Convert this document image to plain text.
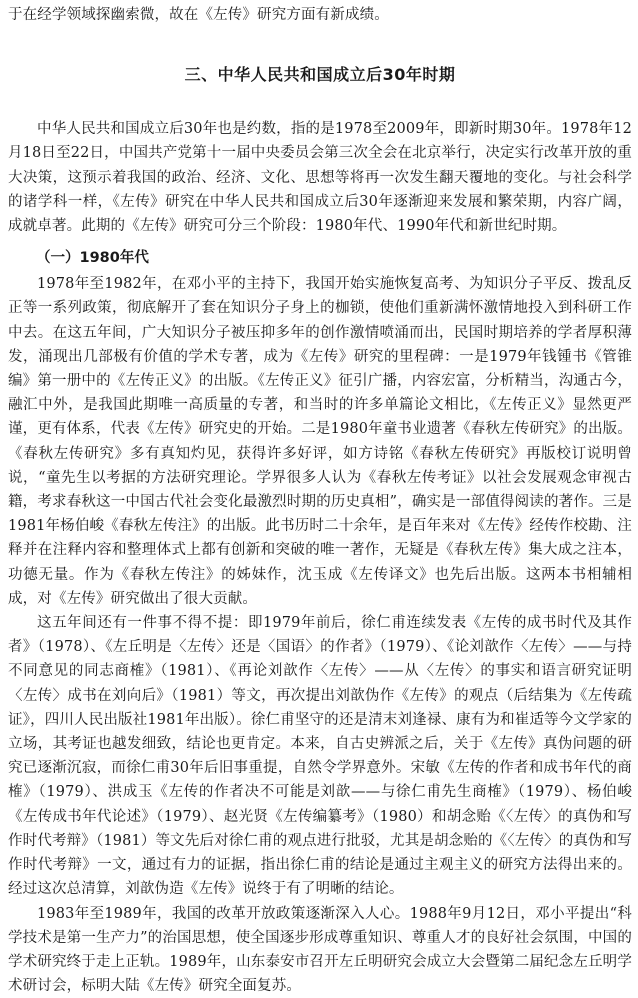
于在经学领域探幽索微，故在《左传》研究方面有新成绩。

三、中华人民共和国成立后30年时期

中华人民共和国成立后30年也是约数，指的是1978至2009年，即新时期30年。1978年12月18日至22日，中国共产党第十一届中央委员会第三次全会在北京举行，决定实行改革开放的重大决策，这预示着我国的政治、经济、文化、思想等将再一次发生翻天覆地的变化。与社会科学的诸学科一样，《左传》研究在中华人民共和国成立后30年逐渐迎来发展和繁荣期，内容广阔，成就卓著。此期的《左传》研究可分三个阶段：1980年代、1990年代和新世纪时期。

（一）1980年代

1978年至1982年，在邓小平的主持下，我国开始实施恢复高考、为知识分子平反、拨乱反正等一系列政策，彻底解开了套在知识分子身上的枷锁，使他们重新满怀激情地投入到科研工作中去。在这五年间，广大知识分子被压抑多年的创作激情喷涌而出，民国时期培养的学者厚积薄发，涌现出几部极有价值的学术专著，成为《左传》研究的里程碑：一是1979年钱锺书《管锥编》第一册中的《左传正义》的出版。《左传正义》征引广播，内容宏富，分析精当，沟通古今，融汇中外，是我国此期唯一高质量的专著，和当时的许多单篇论文相比，《左传正义》显然更严谨，更有体系，代表《左传》研究史的开始。二是1980年童书业遗著《春秋左传研究》的出版。《春秋左传研究》多有真知灼见，获得许多好评，如方诗铭《春秋左传研究》再版校订说明曾说，“童先生以考据的方法研究理论。学界很多人认为《春秋左传考证》以社会发展观念审视古籍，考求春秋这一中国古代社会变化最激烈时期的历史真相”，确实是一部值得阅读的著作。三是1981年杨伯峻《春秋左传注》的出版。此书历时二十余年，是百年来对《左传》经传作校勘、注释并在注释内容和整理体式上都有创新和突破的唯一著作，无疑是《春秋左传》集大成之注本，功德无量。作为《春秋左传注》的姊妹作，沈玉成《左传译文》也先后出版。这两本书相辅相成，对《左传》研究做出了很大贡献。

这五年间还有一件事不得不提：即1979年前后，徐仁甫连续发表《左传的成书时代及其作者》（1978）、《左丘明是〈左传〉还是〈国语〉的作者》（1979）、《论刘歆作〈左传〉——与持不同意见的同志商榷》（1981）、《再论刘歆作〈左传〉——从〈左传〉的事实和语言研究证明〈左传〉成书在刘向后》（1981）等文，再次提出刘歆伪作《左传》的观点（后结集为《左传疏证》，四川人民出版社1981年出版）。徐仁甫坚守的还是清末刘逢禄、康有为和崔适等今文学家的立场，其考证也越发细致，结论也更肯定。本来，自古史辨派之后，关于《左传》真伪问题的研究已逐渐沉寂，而徐仁甫30年后旧事重提，自然令学界意外。宋敏《左传的作者和成书年代的商榷》（1979）、洪成玉《左传的作者决不可能是刘歆——与徐仁甫先生商榷》（1979）、杨伯峻《左传成书年代论述》（1979）、赵光贤《左传编纂考》（1980）和胡念贻《〈左传〉的真伪和写作时代考辩》（1981）等文先后对徐仁甫的观点进行批驳，尤其是胡念贻的《〈左传〉的真伪和写作时代考辩》一文，通过有力的证据，指出徐仁甫的结论是通过主观主义的研究方法得出来的。经过这次总清算，刘歆伪造《左传》说终于有了明晰的结论。

1983年至1989年，我国的改革开放政策逐渐深入人心。1988年9月12日，邓小平提出“科学技术是第一生产力”的治国思想，使全国逐步形成尊重知识、尊重人才的良好社会氛围，中国的学术研究终于走上正轨。1989年，山东泰安市召开左丘明研究会成立大会暨第二届纪念左丘明学术研讨会，标明大陆《左传》研究全面复苏。
